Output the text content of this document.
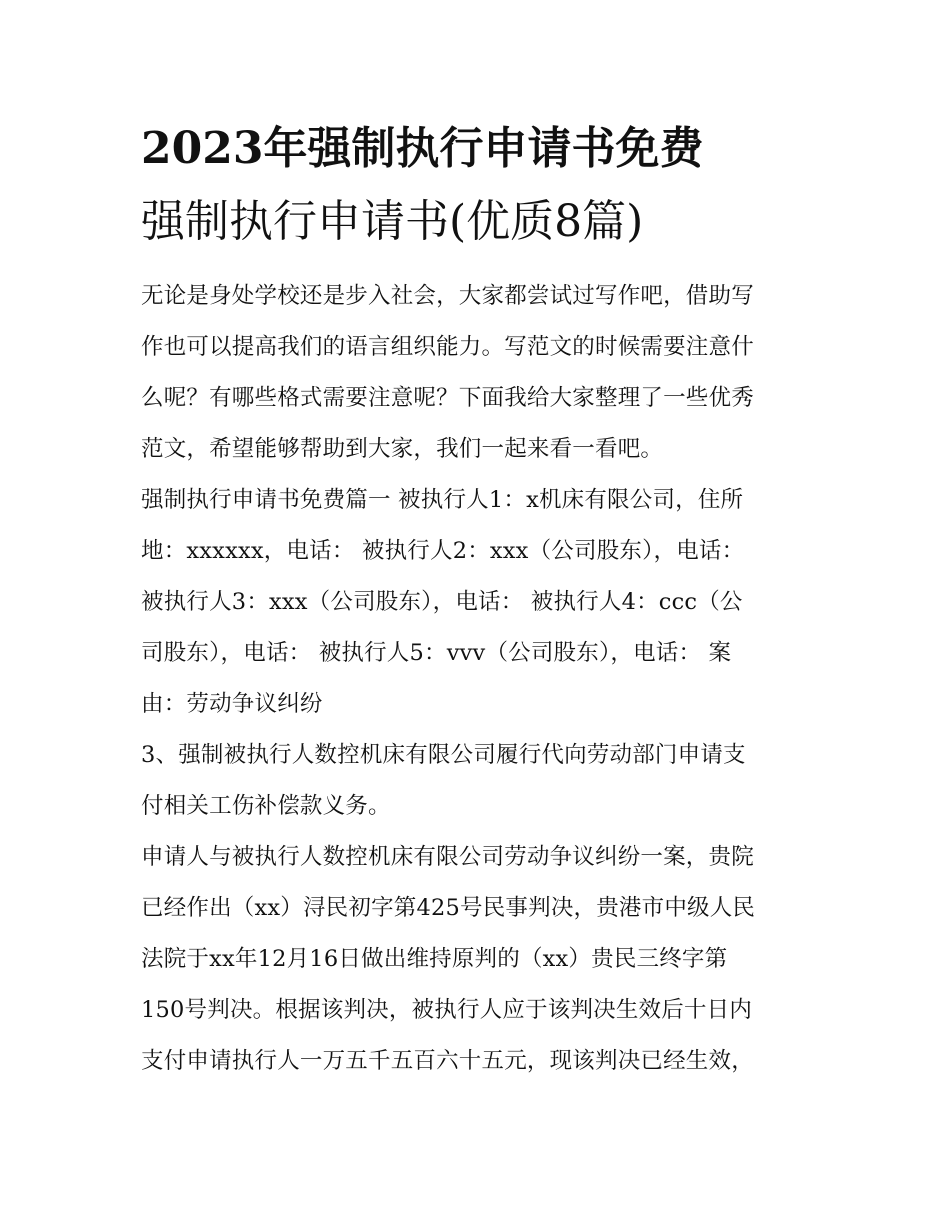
2023年强制执行申请书免费
强制执行申请书(优质8篇)

无论是身处学校还是步入社会，大家都尝试过写作吧，借助写
作也可以提高我们的语言组织能力。写范文的时候需要注意什
么呢？有哪些格式需要注意呢？下面我给大家整理了一些优秀
范文，希望能够帮助到大家，我们一起来看一看吧。

强制执行申请书免费篇一 被执行人1：x机床有限公司，住所
地：xxxxxx，电话： 被执行人2：xxx（公司股东），电话：
被执行人3：xxx（公司股东），电话： 被执行人4：ccc（公
司股东），电话： 被执行人5：vvv（公司股东），电话： 案
由：劳动争议纠纷

3、强制被执行人数控机床有限公司履行代向劳动部门申请支
付相关工伤补偿款义务。

申请人与被执行人数控机床有限公司劳动争议纠纷一案，贵院
已经作出（xx）浔民初字第425号民事判决，贵港市中级人民
法院于xx年12月16日做出维持原判的（xx）贵民三终字第
150号判决。根据该判决，被执行人应于该判决生效后十日内
支付申请执行人一万五千五百六十五元，现该判决已经生效，
